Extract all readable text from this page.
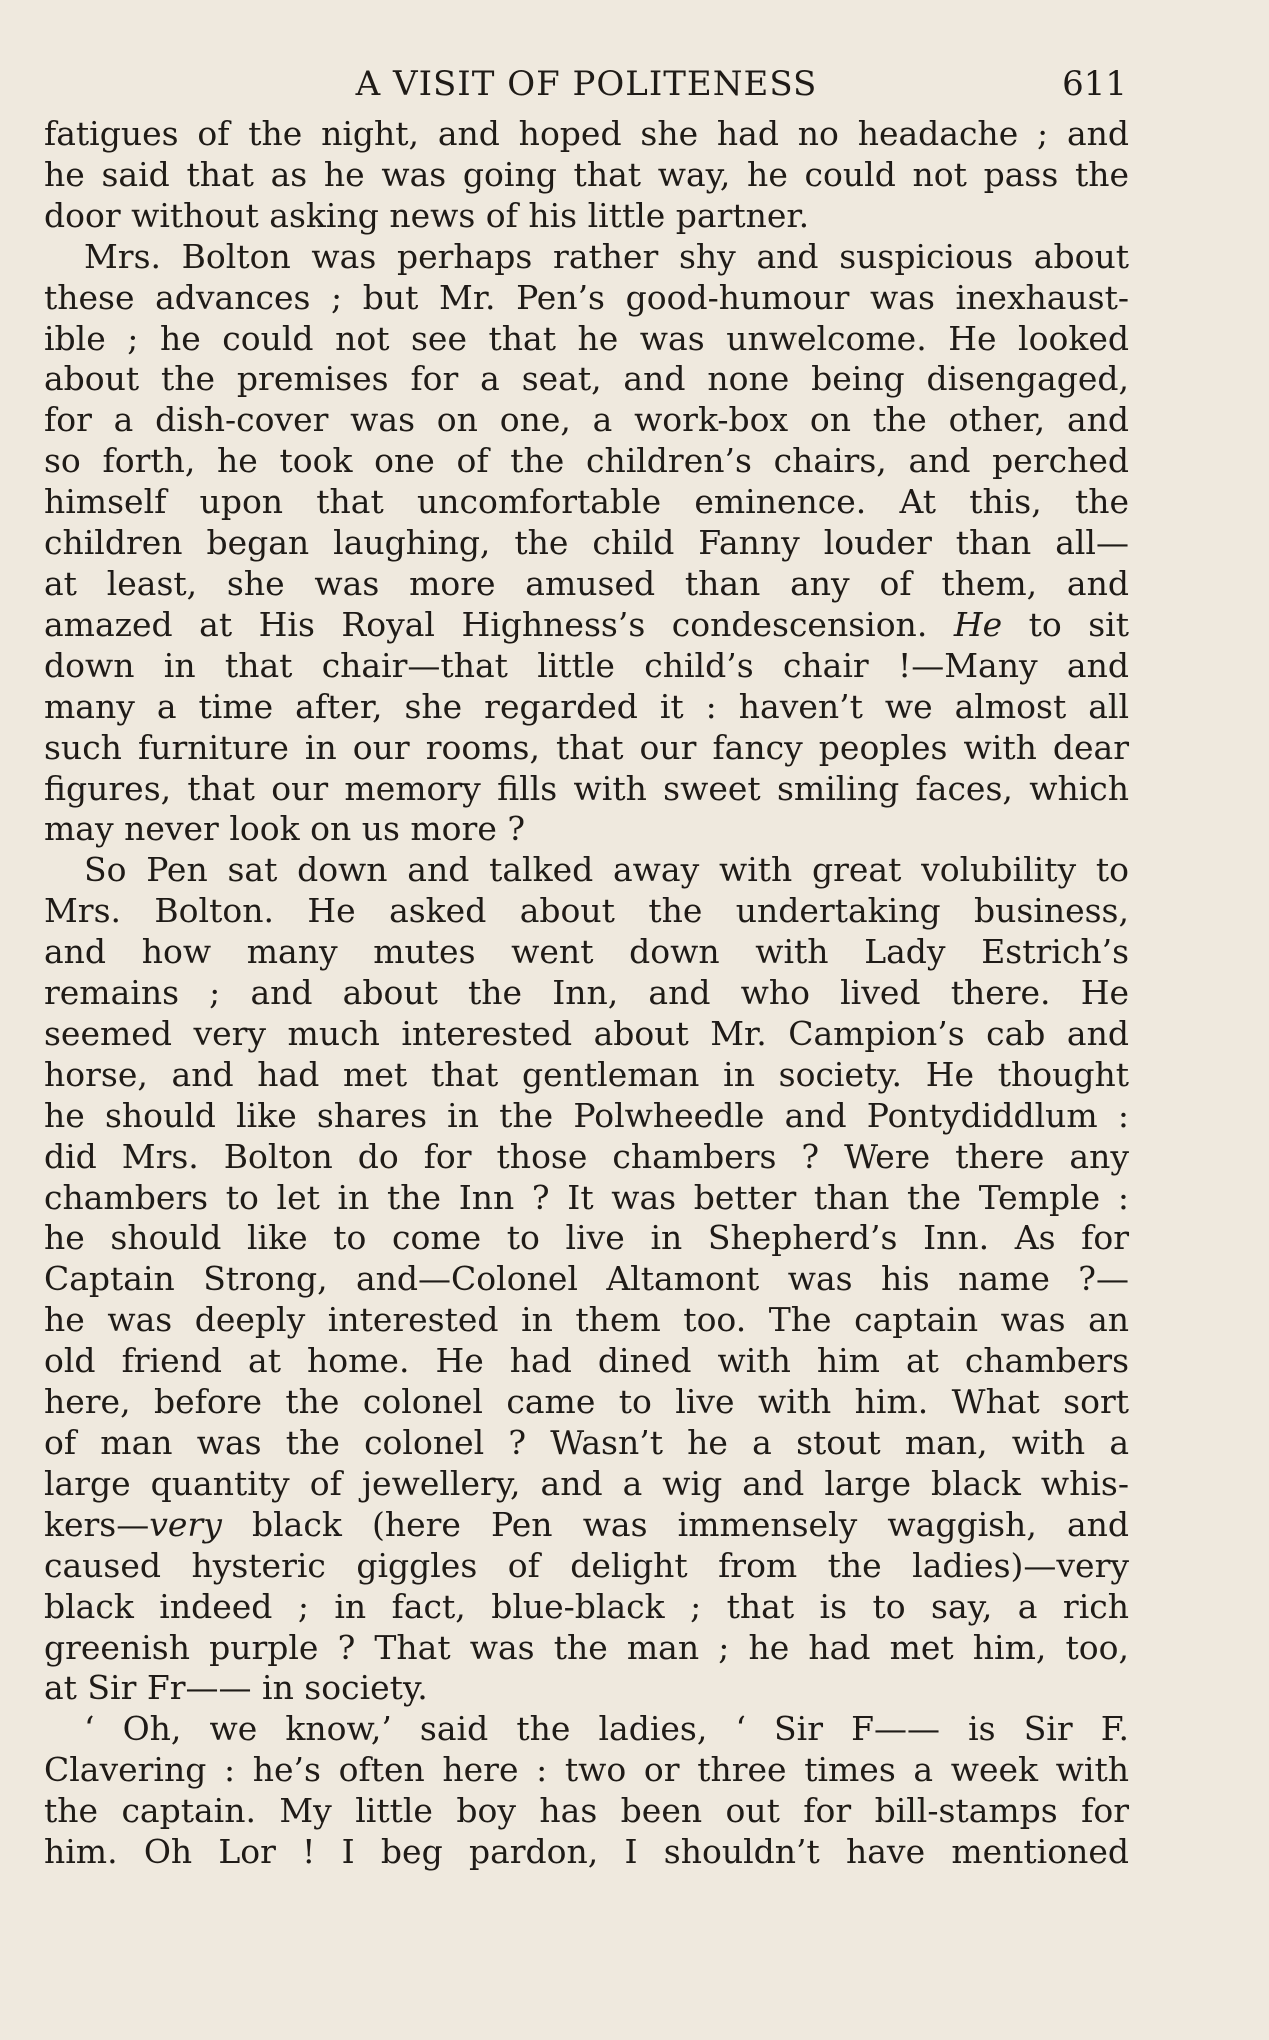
A VISIT OF POLITENESS	611
fatigues of the night, and hoped she had no headache ; and
he said that as he was going that way, he could not pass the
door without asking news of his little partner.
Mrs. Bolton was perhaps rather shy and suspicious about
these advances ; but Mr. Pen’s good-humour was inexhaust-
ible ; he could not see that he was unwelcome. He looked
about the premises for a seat, and none being disengaged,
for a dish-cover was on one, a work-box on the other, and
so forth, he took one of the children’s chairs, and perched
himself upon that uncomfortable eminence. At this, the
children began laughing, the child Fanny louder than all—
at least, she was more amused than any of them, and
amazed at His Royal Highness’s condescension. He to sit
down in that chair—that little child’s chair !—Many and
many a time after, she regarded it : haven’t we almost all
such furniture in our rooms, that our fancy peoples with dear
figures, that our memory fills with sweet smiling faces, which
may never look on us more ?
So Pen sat down and talked away with great volubility to
Mrs. Bolton. He asked about the undertaking business,
and how many mutes went down with Lady Estrich’s
remains ; and about the Inn, and who lived there. He
seemed very much interested about Mr. Campion’s cab and
horse, and had met that gentleman in society. He thought
he should like shares in the Polwheedle and Pontydiddlum :
did Mrs. Bolton do for those chambers ? Were there any
chambers to let in the Inn ? It was better than the Temple :
he should like to come to live in Shepherd’s Inn. As for
Captain Strong, and—Colonel Altamont was his name ?—
he was deeply interested in them too. The captain was an
old friend at home. He had dined with him at chambers
here, before the colonel came to live with him. What sort
of man was the colonel ? Wasn’t he a stout man, with a
large quantity of jewellery, and a wig and large black whis-
kers—very black (here Pen was immensely waggish, and
caused hysteric giggles of delight from the ladies)—very
black indeed ; in fact, blue-black ; that is to say, a rich
greenish purple ? That was the man ; he had met him, too,
at Sir Fr—— in society.
‘ Oh, we know,’ said the ladies, ‘ Sir F—— is Sir F.
Clavering : he’s often here : two or three times a week with
the captain. My little boy has been out for bill-stamps for
him. Oh Lor ! I beg pardon, I shouldn’t have mentioned
